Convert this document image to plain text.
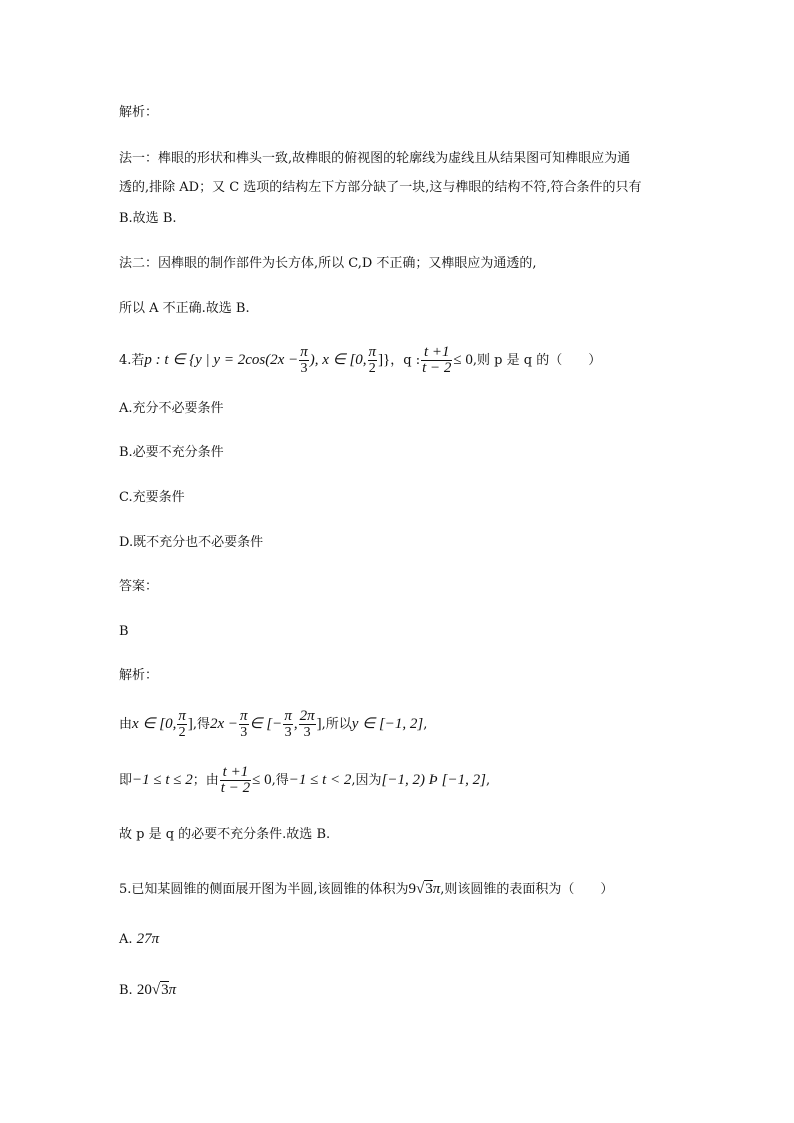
解析：
法一：榫眼的形状和榫头一致,故榫眼的俯视图的轮廓线为虚线且从结果图可知榫眼应为通
透的,排除 AD；又 C 选项的结构左下方部分缺了一块,这与榫眼的结构不符,符合条件的只有
B.故选 B.
法二：因榫眼的制作部件为长方体,所以 C,D 不正确；又榫眼应为通透的,
所以 A 不正确.故选 B.
4.若p : t ∈ {y | $y = 2\cos(2x - \frac{\pi}{3}$ ), x ∈ [0, $\frac{\pi}{2}$ ]}，q : $\frac{t +1}{t - 2} \le 0$,则 p 是 q 的（　　）
A.充分不必要条件
B.必要不充分条件
C.充要条件
D.既不充分也不必要条件
答案：
B
解析：
由x ∈ [0, $\frac{\pi}{2}$ ],得$2x - \frac{\pi}{3}$ ∈ [− $\frac{\pi}{3}$ , $\frac{2\pi}{3}$ ],所以y ∈ [−1, 2],
即−1 ≤ t ≤ 2；由 $\frac{t +1}{t - 2} \le 0$,得−1 ≤ t < 2,因为[−1, 2) Þ [−1, 2],
故 p 是 q 的必要不充分条件.故选 B.
5.已知某圆锥的侧面展开图为半圆,该圆锥的体积为9√3π,则该圆锥的表面积为（　　）
A. 27π
B. 20√3π
